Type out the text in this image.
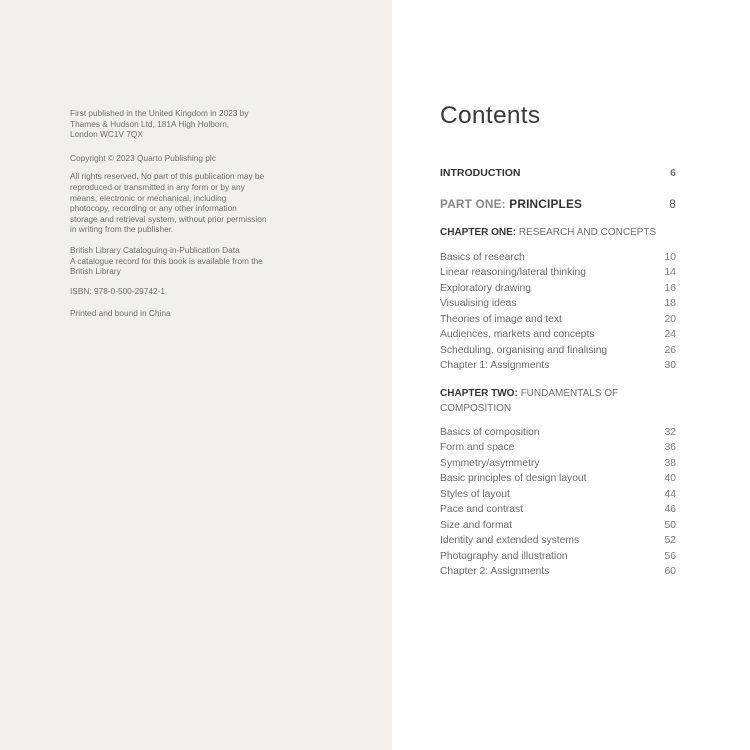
First published in the United Kingdom in 2023 by
Thames & Hudson Ltd, 181A High Holborn,
London WC1V 7QX

Copyright © 2023 Quarto Publishing plc

All rights reserved. No part of this publication may be
reproduced or transmitted in any form or by any
means, electronic or mechanical, including
photocopy, recording or any other information
storage and retrieval system, without prior permission
in writing from the publisher.

British Library Cataloguing-in-Publication Data
A catalogue record for this book is available from the
British Library

ISBN: 978-0-500-29742-1

Printed and bound in China

Contents
INTRODUCTION	6
PART ONE: PRINCIPLES	8
CHAPTER ONE: RESEARCH AND CONCEPTS
Basics of research	10
Linear reasoning/lateral thinking	14
Exploratory drawing	16
Visualising ideas	18
Theories of image and text	20
Audiences, markets and concepts	24
Scheduling, organising and finalising	26
Chapter 1: Assignments	30
CHAPTER TWO: FUNDAMENTALS OF COMPOSITION
Basics of composition	32
Form and space	36
Symmetry/asymmetry	38
Basic principles of design layout	40
Styles of layout	44
Pace and contrast	46
Size and format	50
Identity and extended systems	52
Photography and illustration	56
Chapter 2: Assignments	60
